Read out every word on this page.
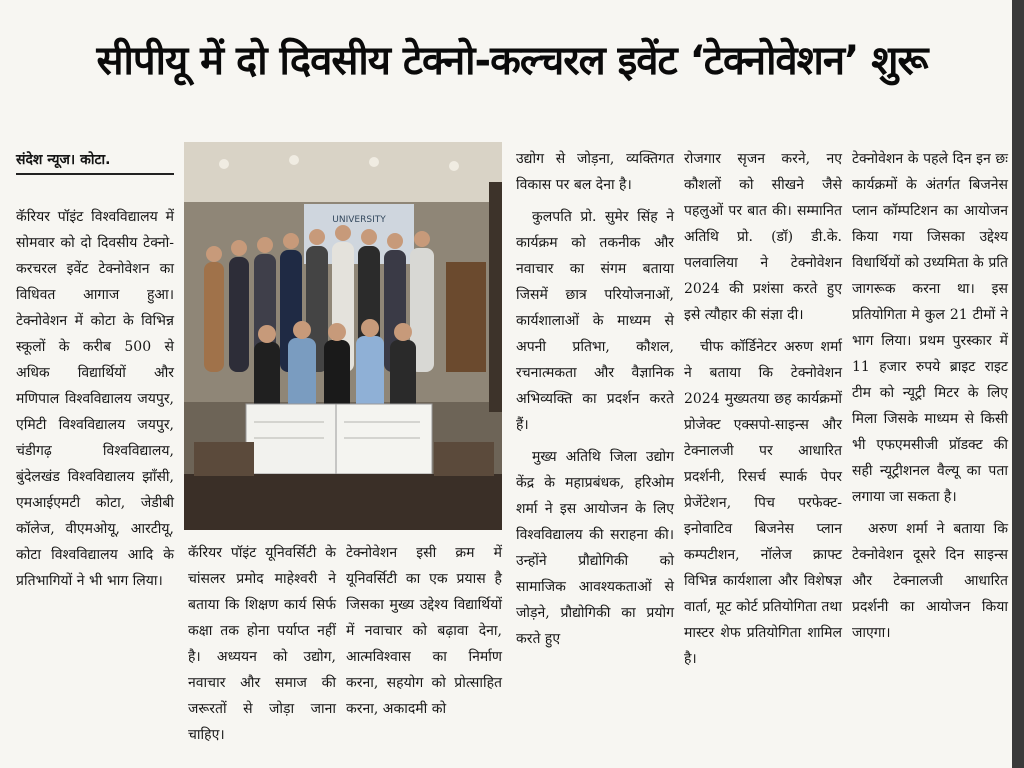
सीपीयू में दो दिवसीय टेक्नो-कल्चरल इवेंट ‘टेक्नोवेशन’ शुरू
संदेश न्यूज। कोटा.

कॅरियर पॉइंट विश्वविद्यालय में सोमवार को दो दिवसीय टेक्नो-करचरल इवेंट टेक्नोवेशन का विधिवत आगाज हुआ। टेक्नोवेशन में कोटा के विभिन्न स्कूलों के करीब 500 से अधिक विद्यार्थियों और मणिपाल विश्वविद्यालय जयपुर, एमिटी विश्वविद्यालय जयपुर, चंडीगढ़ विश्वविद्यालय, बुंदेलखंड विश्वविद्यालय झाँसी, एमआईएमटी कोटा, जेडीबी कॉलेज, वीएमओयू, आरटीयू, कोटा विश्वविद्यालय आदि के प्रतिभागियों ने भी भाग लिया।

UNIVERSITY

कॅरियर पॉइंट यूनिवर्सिटी के चांसलर प्रमोद माहेश्वरी ने बताया कि शिक्षण कार्य सिर्फ कक्षा तक होना पर्याप्त नहीं है। अध्ययन को उद्योग, नवाचार और समाज की जरूरतों से जोड़ा जाना चाहिए।

टेक्नोवेशन इसी क्रम में यूनिवर्सिटी का एक प्रयास है जिसका मुख्य उद्देश्य विद्यार्थियों में नवाचार को बढ़ावा देना, आत्मविश्वास का निर्माण करना, सहयोग को प्रोत्साहित करना, अकादमी को

उद्योग से जोड़ना, व्यक्तिगत विकास पर बल देना है।

कुलपति प्रो. सुमेर सिंह ने कार्यक्रम को तकनीक और नवाचार का संगम बताया जिसमें छात्र परियोजनाओं, कार्यशालाओं के माध्यम से अपनी प्रतिभा, कौशल, रचनात्मकता और वैज्ञानिक अभिव्यक्ति का प्रदर्शन करते हैं।

मुख्य अतिथि जिला उद्योग केंद्र के महाप्रबंधक, हरिओम शर्मा ने इस आयोजन के लिए विश्वविद्यालय की सराहना की। उन्होंने प्रौद्योगिकी को सामाजिक आवश्यकताओं से जोड़ने, प्रौद्योगिकी का प्रयोग करते हुए

रोजगार सृजन करने, नए कौशलों को सीखने जैसे पहलुओं पर बात की। सम्मानित अतिथि प्रो. (डॉ) डी.के. पलवालिया ने टेक्नोवेशन 2024 की प्रशंसा करते हुए इसे त्यौहार की संज्ञा दी।

चीफ कॉर्डिनेटर अरुण शर्मा ने बताया कि टेक्नोवेशन 2024 मुख्यतया छह कार्यक्रमों प्रोजेक्ट एक्सपो-साइन्स और टेक्नालजी पर आधारित प्रदर्शनी, रिसर्च स्पार्क पेपर प्रेजेंटेशन, पिच परफेक्ट-इनोवाटिव बिजनेस प्लान कम्पटीशन, नॉलेज क्राफ्ट विभिन्न कार्यशाला और विशेषज्ञ वार्ता, मूट कोर्ट प्रतियोगिता तथा मास्टर शेफ प्रतियोगिता शामिल है।

टेक्नोवेशन के पहले दिन इन छः कार्यक्रमों के अंतर्गत बिजनेस प्लान कॉम्पटिशन का आयोजन किया गया जिसका उद्देश्य विधार्थियों को उध्यमिता के प्रति जागरूक करना था। इस प्रतियोगिता मे कुल 21 टीमों ने भाग लिया। प्रथम पुरस्कार में 11 हजार रुपये ब्राइट राइट टीम को न्यूट्री मिटर के लिए मिला जिसके माध्यम से किसी भी एफएमसीजी प्रॉडक्ट की सही न्यूट्रीशनल वैल्यू का पता लगाया जा सकता है।

अरुण शर्मा ने बताया कि टेक्नोवेशन दूसरे दिन साइन्स और टेक्नालजी आधारित प्रदर्शनी का आयोजन किया जाएगा।
